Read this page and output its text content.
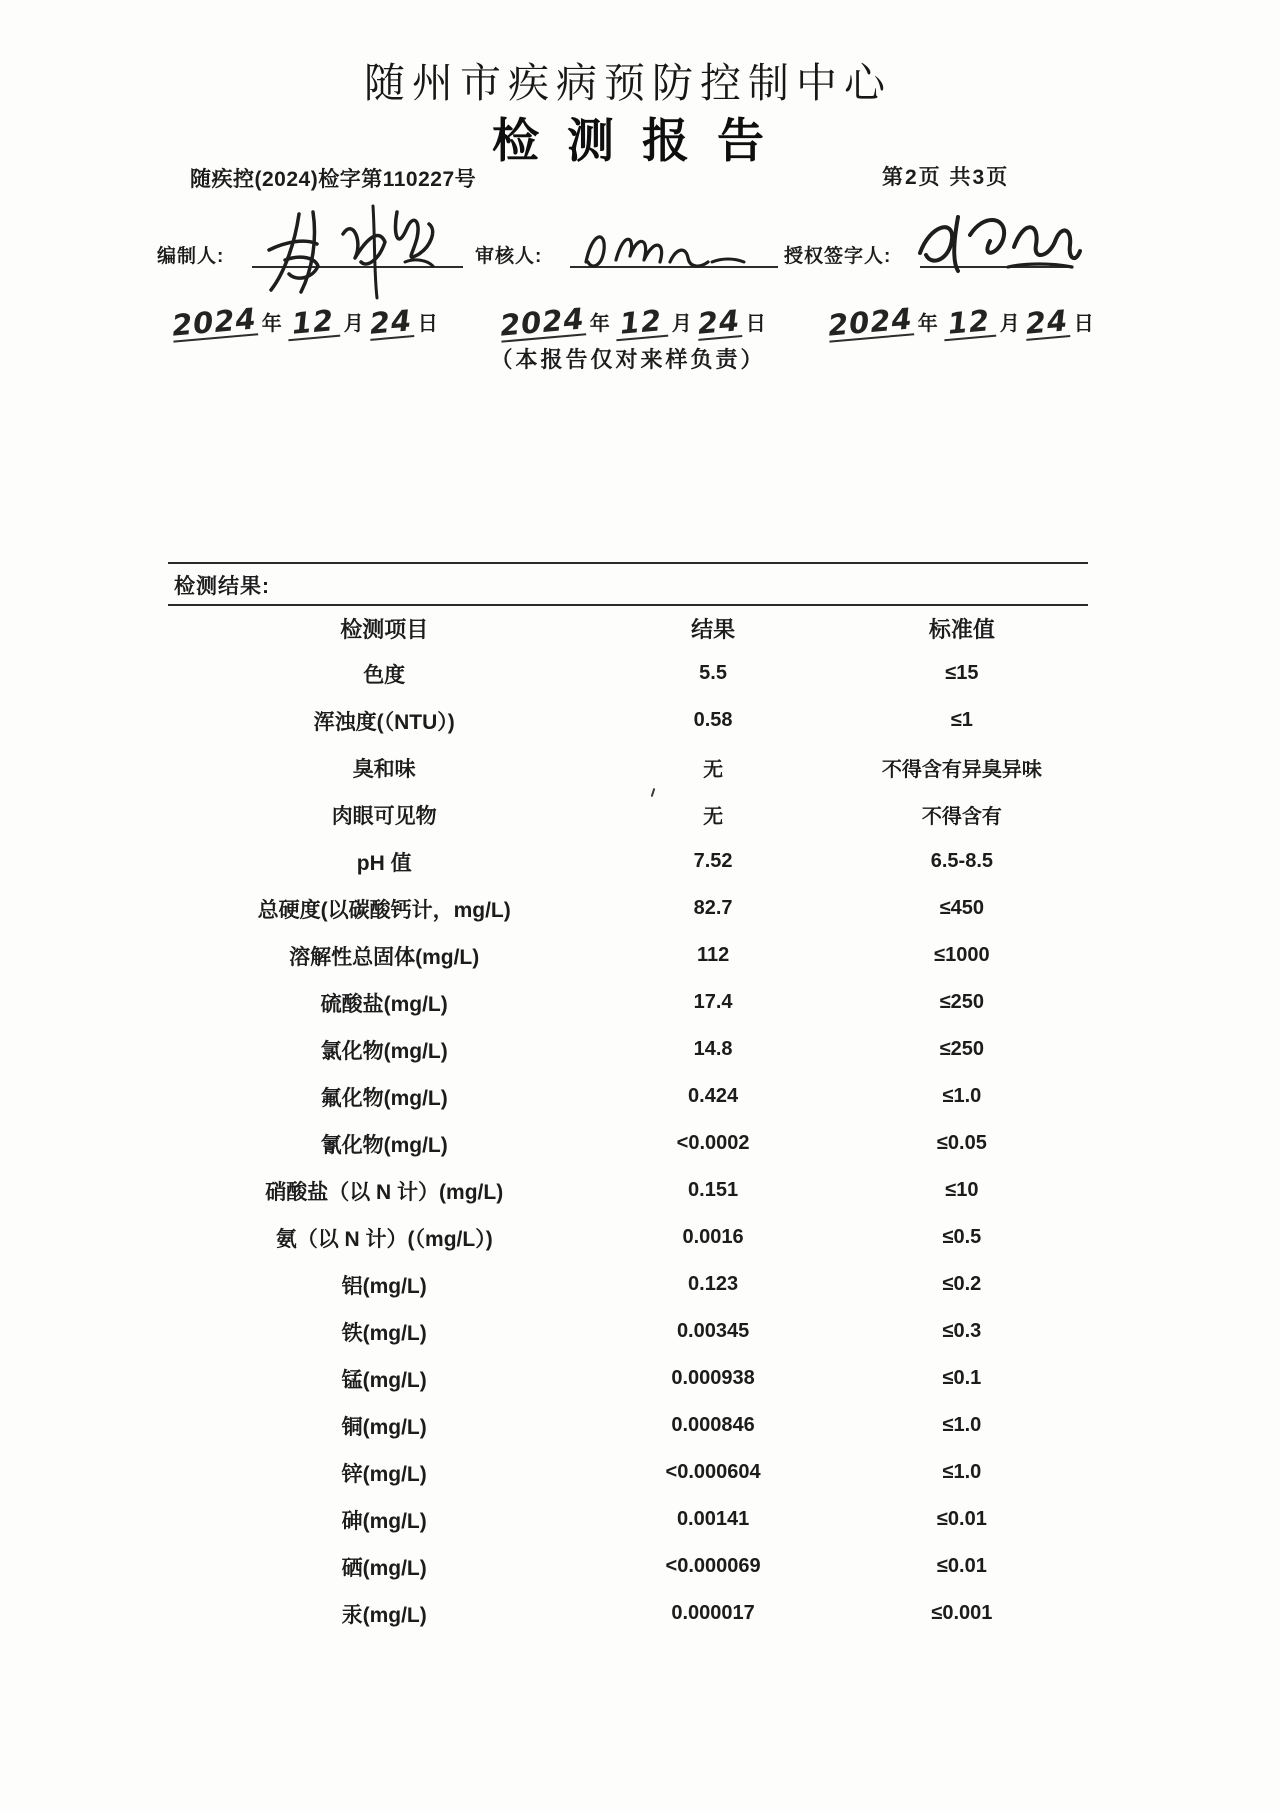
随州市疾病预防控制中心
检测报告
随疾控(2024)检字第110227号	第2页 共3页
编制人:	审核人:	授权签字人:
2024 年 12 月 24 日 2024 年 12 月 24 日 2024 年 12 月 24 日
（本报告仅对来样负责）
检测结果:
检测项目	结果	标准值
色度	5.5	≤15
浑浊度(（NTU）)	0.58	≤1
臭和味	无	不得含有异臭异味
肉眼可见物	无	不得含有
pH 值	7.52	6.5-8.5
总硬度(以碳酸钙计，mg/L)	82.7	≤450
溶解性总固体(mg/L)	112	≤1000
硫酸盐(mg/L)	17.4	≤250
氯化物(mg/L)	14.8	≤250
氟化物(mg/L)	0.424	≤1.0
氰化物(mg/L)	<0.0002	≤0.05
硝酸盐（以 N 计）(mg/L)	0.151	≤10
氨（以 N 计）(（mg/L）)	0.0016	≤0.5
铝(mg/L)	0.123	≤0.2
铁(mg/L)	0.00345	≤0.3
锰(mg/L)	0.000938	≤0.1
铜(mg/L)	0.000846	≤1.0
锌(mg/L)	<0.000604	≤1.0
砷(mg/L)	0.00141	≤0.01
硒(mg/L)	<0.000069	≤0.01
汞(mg/L)	0.000017	≤0.001
